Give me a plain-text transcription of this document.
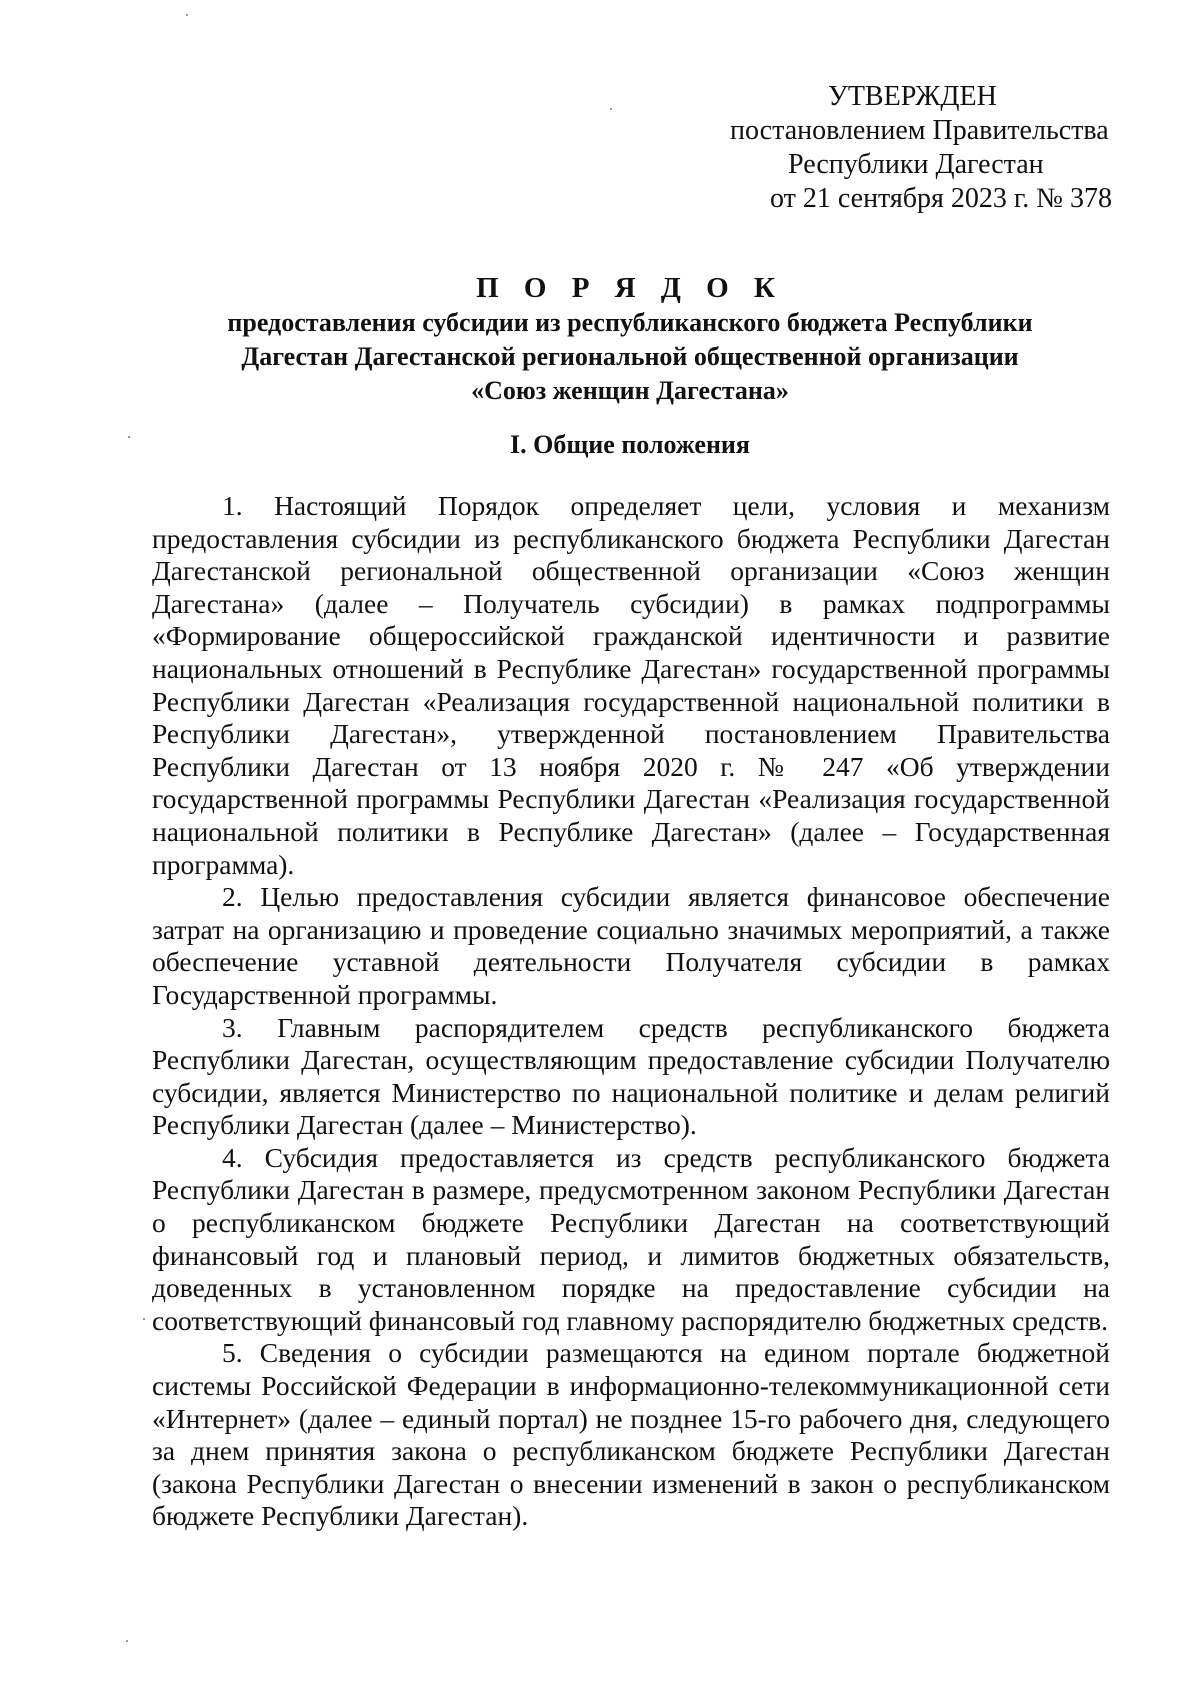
УТВЕРЖДЕН
постановлением Правительства
Республики Дагестан
от 21 сентября 2023 г. № 378
П О Р Я Д О К
предоставления субсидии из республиканского бюджета Республики
Дагестан Дагестанской региональной общественной организации
«Союз женщин Дагестана»
I. Общие положения

1. Настоящий Порядок определяет цели, условия и механизм предоставления субсидии из республиканского бюджета Республики Дагестан Дагестанской региональной общественной организации «Союз женщин Дагестана» (далее – Получатель субсидии) в рамках подпрограммы «Формирование общероссийской гражданской идентичности и развитие национальных отношений в Республике Дагестан» государственной программы Республики Дагестан «Реализация государственной национальной политики в Республики Дагестан», утвержденной постановлением Правительства Республики Дагестан от 13 ноября 2020 г. № 247 «Об утверждении государственной программы Республики Дагестан «Реализация государственной национальной политики в Республике Дагестан» (далее – Государственная программа).

2. Целью предоставления субсидии является финансовое обеспечение затрат на организацию и проведение социально значимых мероприятий, а также обеспечение уставной деятельности Получателя субсидии в рамках Государственной программы.

3. Главным распорядителем средств республиканского бюджета Республики Дагестан, осуществляющим предоставление субсидии Получателю субсидии, является Министерство по национальной политике и делам религий Республики Дагестан (далее – Министерство).

4. Субсидия предоставляется из средств республиканского бюджета Республики Дагестан в размере, предусмотренном законом Республики Дагестан о республиканском бюджете Республики Дагестан на соответствующий финансовый год и плановый период, и лимитов бюджетных обязательств, доведенных в установленном порядке на предоставление субсидии на соответствующий финансовый год главному распорядителю бюджетных средств.

5. Сведения о субсидии размещаются на едином портале бюджетной системы Российской Федерации в информационно-телекоммуникационной сети «Интернет» (далее – единый портал) не позднее 15-го рабочего дня, следующего за днем принятия закона о республиканском бюджете Республики Дагестан (закона Республики Дагестан о внесении изменений в закон о республиканском бюджете Республики Дагестан).
